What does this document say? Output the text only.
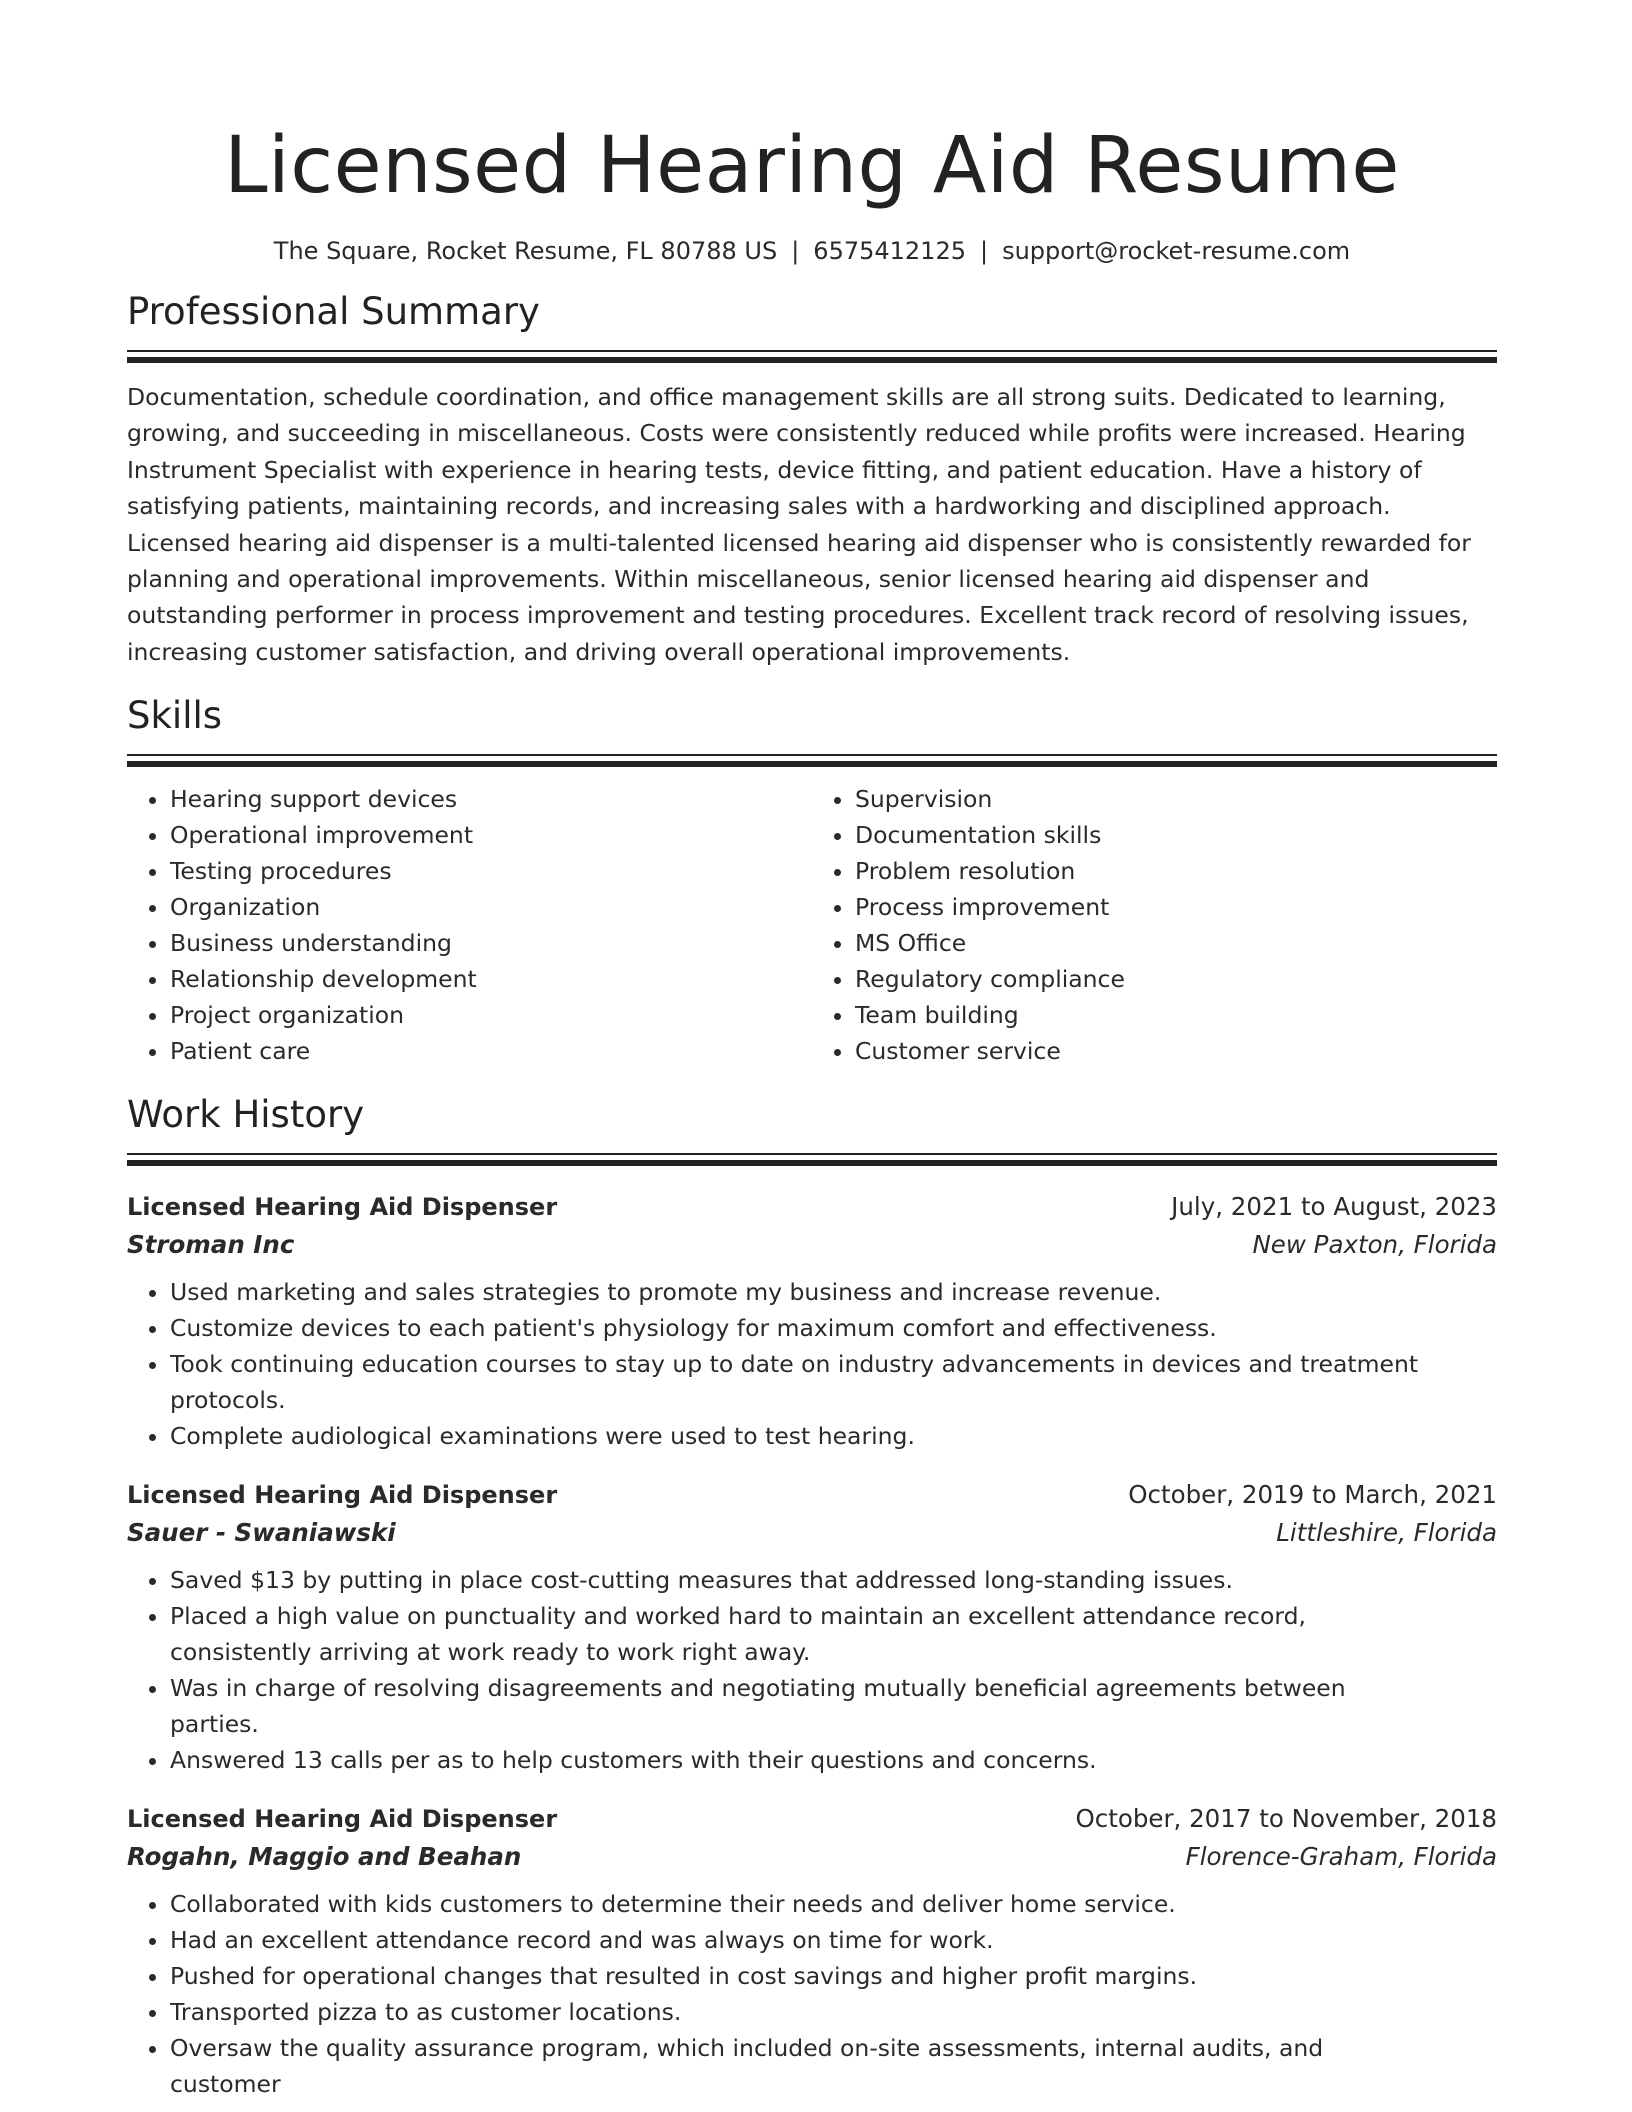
Licensed Hearing Aid Resume
The Square, Rocket Resume, FL 80788 US | 6575412125 | support@rocket-resume.com
Professional Summary

Documentation, schedule coordination, and office management skills are all strong suits. Dedicated to learning, growing, and succeeding in miscellaneous. Costs were consistently reduced while profits were increased. Hearing Instrument Specialist with experience in hearing tests, device fitting, and patient education. Have a history of satisfying patients, maintaining records, and increasing sales with a hardworking and disciplined approach. Licensed hearing aid dispenser is a multi-talented licensed hearing aid dispenser who is consistently rewarded for planning and operational improvements. Within miscellaneous, senior licensed hearing aid dispenser and outstanding performer in process improvement and testing procedures. Excellent track record of resolving issues, increasing customer satisfaction, and driving overall operational improvements.

Skills
• Hearing support devices
• Operational improvement
• Testing procedures
• Organization
• Business understanding
• Relationship development
• Project organization
• Patient care
• Supervision
• Documentation skills
• Problem resolution
• Process improvement
• MS Office
• Regulatory compliance
• Team building
• Customer service
Work History
Licensed Hearing Aid Dispenser	July, 2021 to August, 2023
Stroman Inc	New Paxton, Florida
• Used marketing and sales strategies to promote my business and increase revenue.
• Customize devices to each patient's physiology for maximum comfort and effectiveness.
• Took continuing education courses to stay up to date on industry advancements in devices and treatment protocols.
• Complete audiological examinations were used to test hearing.
Licensed Hearing Aid Dispenser	October, 2019 to March, 2021
Sauer - Swaniawski	Littleshire, Florida
• Saved $13 by putting in place cost-cutting measures that addressed long-standing issues.
• Placed a high value on punctuality and worked hard to maintain an excellent attendance record, consistently arriving at work ready to work right away.
• Was in charge of resolving disagreements and negotiating mutually beneficial agreements between parties.
• Answered 13 calls per as to help customers with their questions and concerns.
Licensed Hearing Aid Dispenser	October, 2017 to November, 2018
Rogahn, Maggio and Beahan	Florence-Graham, Florida
• Collaborated with kids customers to determine their needs and deliver home service.
• Had an excellent attendance record and was always on time for work.
• Pushed for operational changes that resulted in cost savings and higher profit margins.
• Transported pizza to as customer locations.
• Oversaw the quality assurance program, which included on-site assessments, internal audits, and customer
